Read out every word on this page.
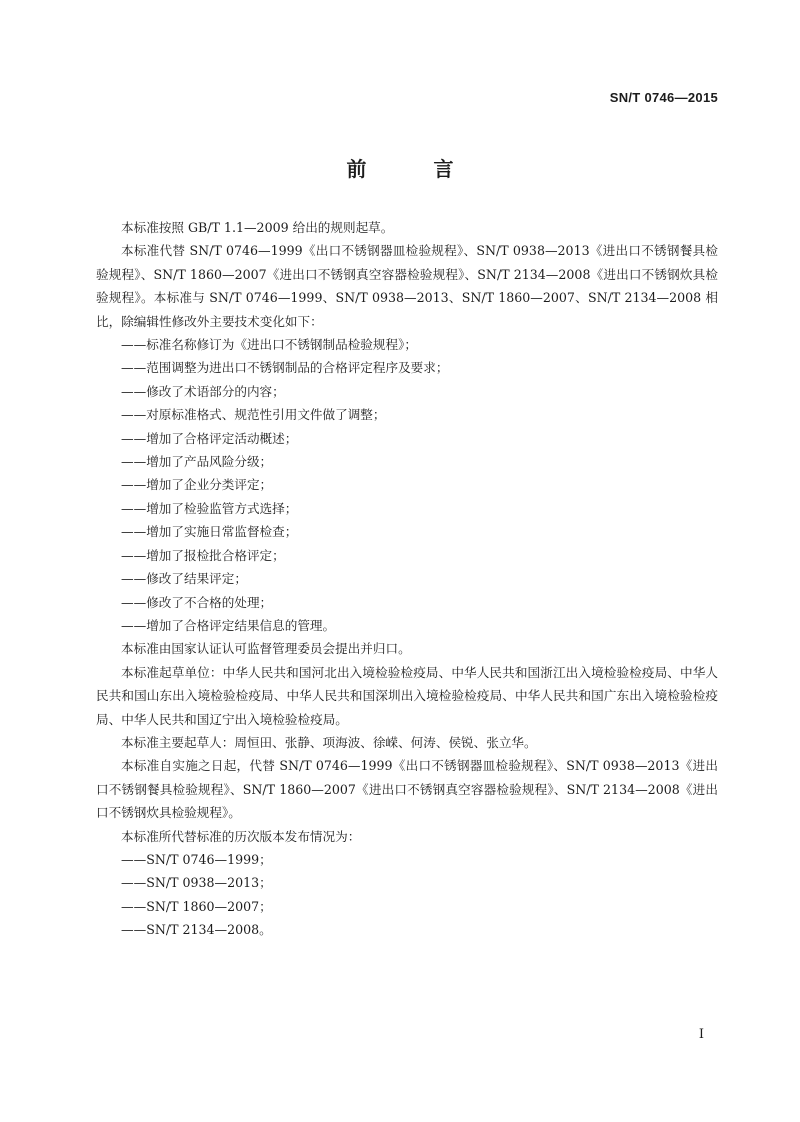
SN/T 0746—2015
前 言

本标准按照 GB/T 1.1—2009 给出的规则起草。

本标准代替 SN/T 0746—1999《出口不锈钢器皿检验规程》、SN/T 0938—2013《进出口不锈钢餐具检验规程》、SN/T 1860—2007《进出口不锈钢真空容器检验规程》、SN/T 2134—2008《进出口不锈钢炊具检验规程》。本标准与 SN/T 0746—1999、SN/T 0938—2013、SN/T 1860—2007、SN/T 2134—2008 相比，除编辑性修改外主要技术变化如下：

——标准名称修订为《进出口不锈钢制品检验规程》；

——范围调整为进出口不锈钢制品的合格评定程序及要求；

——修改了术语部分的内容；

——对原标准格式、规范性引用文件做了调整；

——增加了合格评定活动概述；

——增加了产品风险分级；

——增加了企业分类评定；

——增加了检验监管方式选择；

——增加了实施日常监督检查；

——增加了报检批合格评定；

——修改了结果评定；

——修改了不合格的处理；

——增加了合格评定结果信息的管理。

本标准由国家认证认可监督管理委员会提出并归口。

本标准起草单位：中华人民共和国河北出入境检验检疫局、中华人民共和国浙江出入境检验检疫局、中华人民共和国山东出入境检验检疫局、中华人民共和国深圳出入境检验检疫局、中华人民共和国广东出入境检验检疫局、中华人民共和国辽宁出入境检验检疫局。

本标准主要起草人：周恒田、张静、项海波、徐嵘、何涛、侯锐、张立华。

本标准自实施之日起，代替 SN/T 0746—1999《出口不锈钢器皿检验规程》、SN/T 0938—2013《进出口不锈钢餐具检验规程》、SN/T 1860—2007《进出口不锈钢真空容器检验规程》、SN/T 2134—2008《进出口不锈钢炊具检验规程》。

本标准所代替标准的历次版本发布情况为：

——SN/T 0746—1999；

——SN/T 0938—2013；

——SN/T 1860—2007；

——SN/T 2134—2008。

I
